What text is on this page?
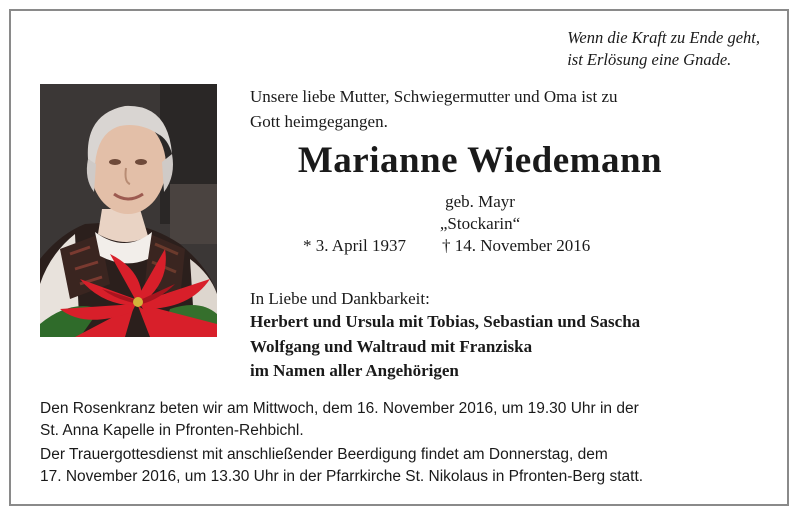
Wenn die Kraft zu Ende geht,
ist Erlösung eine Gnade.
Unsere liebe Mutter, Schwiegermutter und Oma ist zu
Gott heimgegangen.
Marianne Wiedemann
geb. Mayr
„Stockarin“
* 3. April 1937 † 14. November 2016
In Liebe und Dankbarkeit:
Herbert und Ursula mit Tobias, Sebastian und Sascha
Wolfgang und Waltraud mit Franziska
im Namen aller Angehörigen

Den Rosenkranz beten wir am Mittwoch, dem 16. November 2016, um 19.30 Uhr in der
St. Anna Kapelle in Pfronten-Rehbichl.

Der Trauergottesdienst mit anschließender Beerdigung findet am Donnerstag, dem
17. November 2016, um 13.30 Uhr in der Pfarrkirche St. Nikolaus in Pfronten-Berg statt.
